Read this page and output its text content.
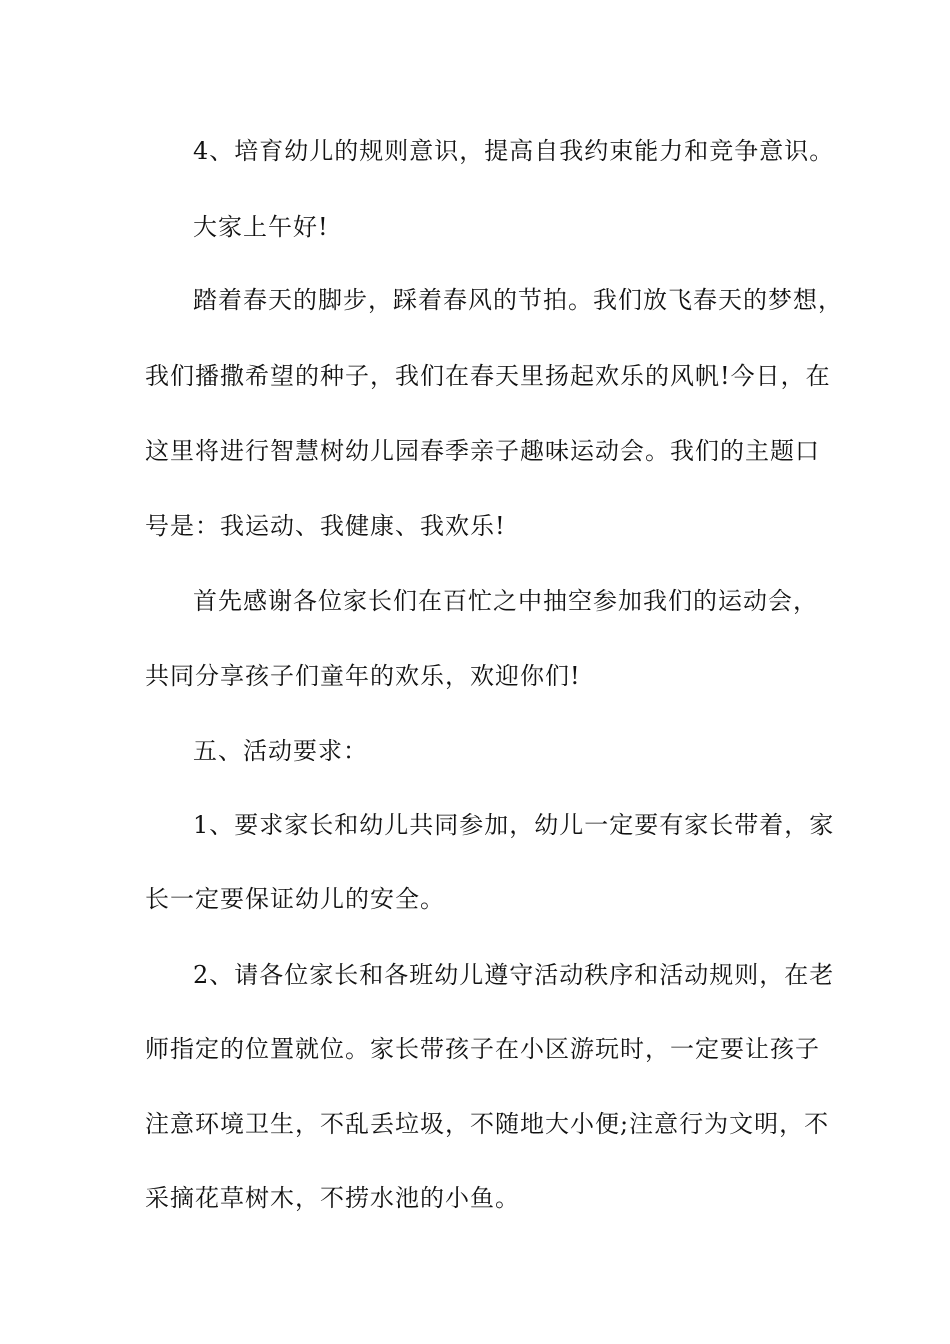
4、培育幼儿的规则意识，提高自我约束能力和竞争意识。
大家上午好!
踏着春天的脚步，踩着春风的节拍。我们放飞春天的梦想，
我们播撒希望的种子，我们在春天里扬起欢乐的风帆!今日，在
这里将进行智慧树幼儿园春季亲子趣味运动会。我们的主题口
号是：我运动、我健康、我欢乐!
首先感谢各位家长们在百忙之中抽空参加我们的运动会，
共同分享孩子们童年的欢乐，欢迎你们!
五、活动要求：
1、要求家长和幼儿共同参加，幼儿一定要有家长带着，家
长一定要保证幼儿的安全。
2、请各位家长和各班幼儿遵守活动秩序和活动规则，在老
师指定的位置就位。家长带孩子在小区游玩时，一定要让孩子
注意环境卫生，不乱丢垃圾，不随地大小便;注意行为文明，不
采摘花草树木，不捞水池的小鱼。
